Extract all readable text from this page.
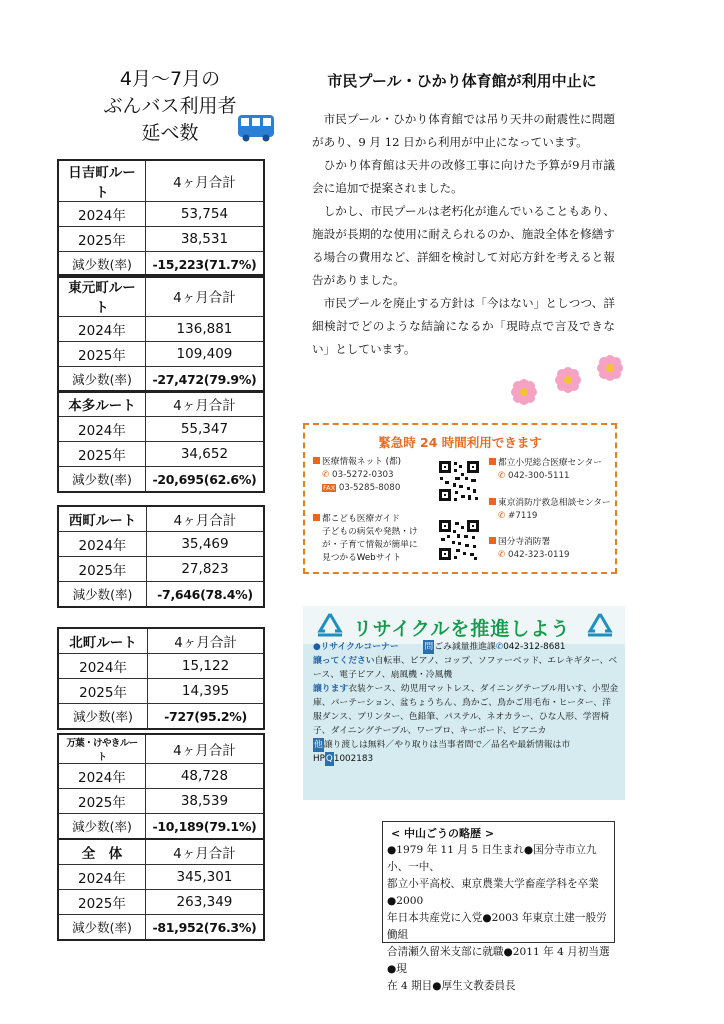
4月～7月の
ぶんバス利用者
延べ数
日吉町ルート	4ヶ月合計
2024年	53,754
2025年	38,531
減少数(率)	-15,223(71.7%)
東元町ルート	4ヶ月合計
2024年	136,881
2025年	109,409
減少数(率)	-27,472(79.9%)
本多ルート	4ヶ月合計
2024年	55,347
2025年	34,652
減少数(率)	-20,695(62.6%)
西町ルート	4ヶ月合計
2024年	35,469
2025年	27,823
減少数(率)	-7,646(78.4%)
北町ルート	4ヶ月合計
2024年	15,122
2025年	14,395
減少数(率)	-727(95.2%)
万葉・けやきルート	4ヶ月合計
2024年	48,728
2025年	38,539
減少数(率)	-10,189(79.1%)
全　体	4ヶ月合計
2024年	345,301
2025年	263,349
減少数(率)	-81,952(76.3%)
市民プール・ひかり体育館が利用中止に

市民プール・ひかり体育館では吊り天井の耐震性に問題があり、9 月 12 日から利用が中止になっています。

ひかり体育館は天井の改修工事に向けた予算が9月市議会に追加で提案されました。

しかし、市民プールは老朽化が進んでいることもあり、施設が長期的な使用に耐えられるのか、施設全体を修繕する場合の費用など、詳細を検討して対応方針を考えると報告がありました。

市民プールを廃止する方針は「今はない」としつつ、詳細検討でどのような結論になるか「現時点で言及できない」としています。

緊急時 24 時間利用できます
医療情報ネット (都)
✆ 03-5272-0303
FAX 03-5285-8080
都こども医療ガイド
子どもの病気や発熱・け
が・子育て情報が簡単に
見つかるWebサイト
都立小児総合医療センター
✆ 042-300-5111
東京消防庁救急相談センター
✆ #7119
国分寺消防署
✆ 042-323-0119
リサイクルを推進しよう
●リサイクルコーナー	問ごみ減量推進課✆042-312-8681
譲ってください自転車、ピアノ、コップ、ソファーベッド、エレキギター、ベース、電子ピアノ、扇風機・冷風機
譲ります衣装ケース、幼児用マットレス、ダイニングテーブル用いす、小型金庫、パーテーション、盆ちょうちん、鳥かご、鳥かご用毛布・ヒーター、洋服ダンス、プリンター、色鉛筆、パステル、ネオカラー、ひな人形、学習椅子、ダイニングテーブル、ワープロ、キーボード、ピアニカ
他譲り渡しは無料／やり取りは当事者間で／品名や最新情報は市
HPQ1002183
< 中山ごうの略歴 >
●1979 年 11 月 5 日生まれ●国分寺市立九小、一中、
都立小平高校、東京農業大学畜産学科を卒業●2000
年日本共産党に入党●2003 年東京土建一般労働組
合清瀬久留米支部に就職●2011 年 4 月初当選●現
在 4 期目●厚生文教委員長
